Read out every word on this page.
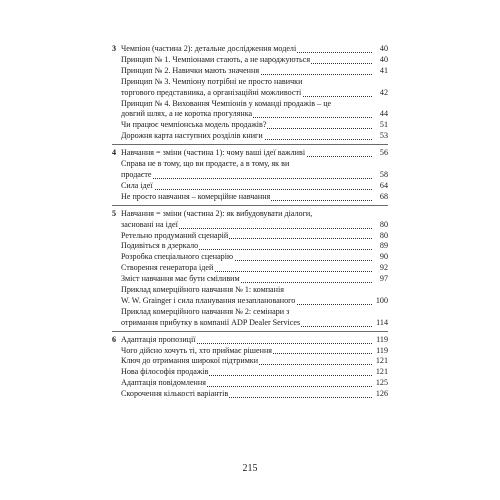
3 Чемпіон (частина 2): детальне дослідження моделі	40
Принцип № 1. Чемпіонами стають, а не народжуються	40
Принцип № 2. Навички мають значення	41
Принцип № 3. Чемпіону потрібні не просто навички
торгового представника, а організаційні можливості	42
Принцип № 4. Виховання Чемпіонів у команді продажів – це
довгий шлях, а не коротка прогулянка	44
Чи працює чемпіонська модель продажів?	51
Дорожня карта наступних розділів книги	53
4 Навчання = зміни (частина 1): чому ваші ідеї важливі	56
Справа не в тому, що ви продаєте, а в тому, як ви
продаєте	58
Сила ідеї	64
Не просто навчання – комерційне навчання	68
5 Навчання = зміни (частина 2): як вибудовувати діалоги,
засновані на ідеї	80
Ретельно продуманий сценарій	80
Подивіться в дзеркало	89
Розробка спеціального сценарію	90
Створення генератора ідей	92
Зміст навчання має бути сміливим	97
Приклад комерційного навчання № 1: компанія
W. W. Grainger і сила планування незапланованого	100
Приклад комерційного навчання № 2: семінари з
отримання прибутку в компанії ADP Dealer Services	114
6 Адаптація пропозиції	119
Чого дійсно хочуть ті, хто приймає рішення	119
Ключ до отримання широкої підтримки	121
Нова філософія продажів	121
Адаптація повідомлення	125
Скорочення кількості варіантів	126
215
